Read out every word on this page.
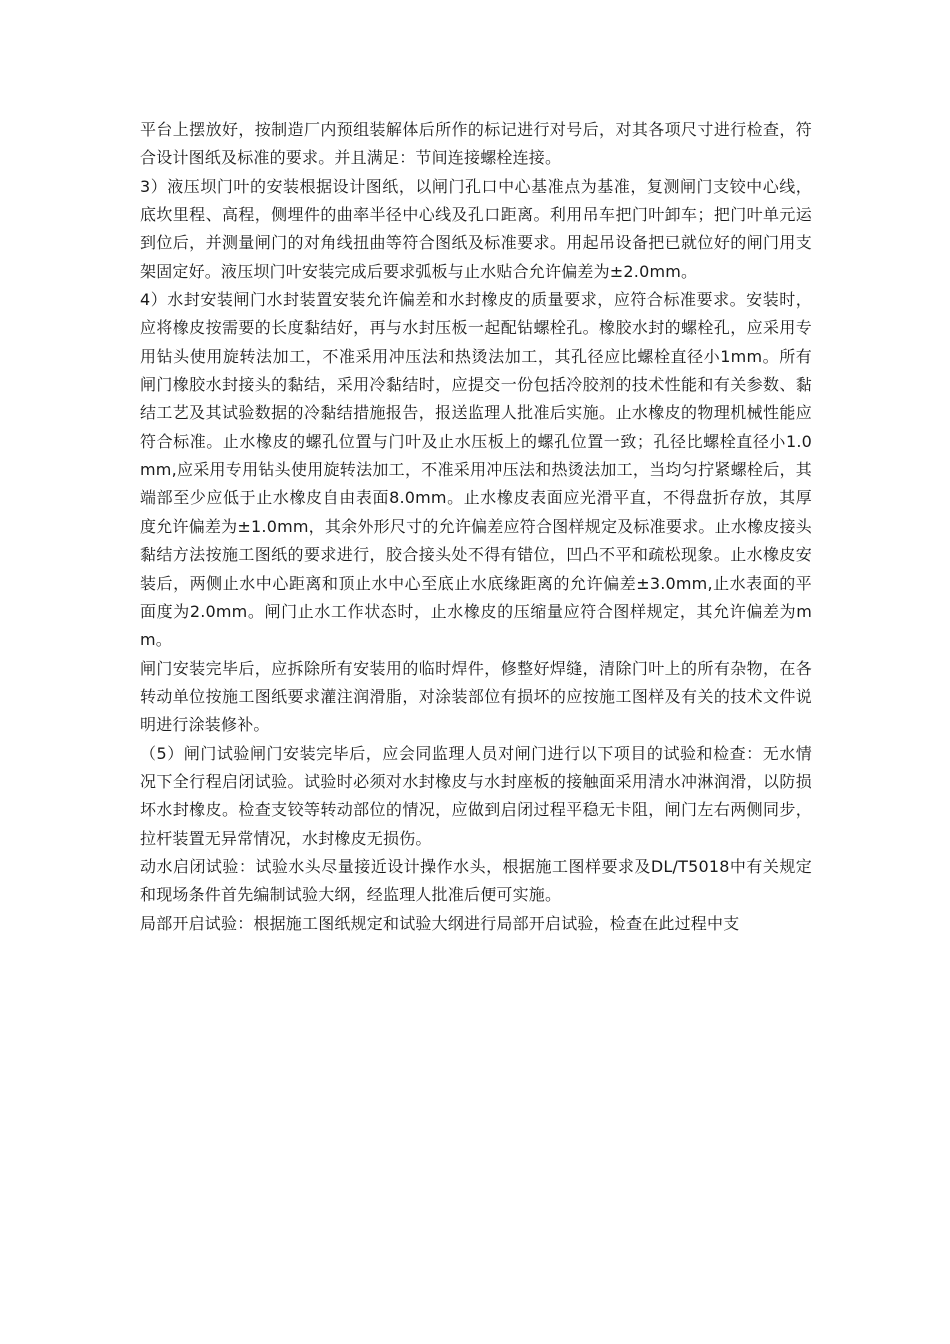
平台上摆放好，按制造厂内预组装解体后所作的标记进行对号后，对其各项尺寸进行检查，符合设计图纸及标准的要求。并且满足：节间连接螺栓连接。

3）液压坝门叶的安装根据设计图纸，以闸门孔口中心基准点为基准，复测闸门支铰中心线，底坎里程、高程，侧埋件的曲率半径中心线及孔口距离。利用吊车把门叶卸车；把门叶单元运到位后，并测量闸门的对角线扭曲等符合图纸及标准要求。用起吊设备把已就位好的闸门用支架固定好。液压坝门叶安装完成后要求弧板与止水贴合允许偏差为±2.0mm。

4）水封安装闸门水封装置安装允许偏差和水封橡皮的质量要求，应符合标准要求。安装时，应将橡皮按需要的长度黏结好，再与水封压板一起配钻螺栓孔。橡胶水封的螺栓孔，应采用专用钻头使用旋转法加工，不准采用冲压法和热烫法加工，其孔径应比螺栓直径小1mm。所有闸门橡胶水封接头的黏结，采用冷黏结时，应提交一份包括冷胶剂的技术性能和有关参数、黏结工艺及其试验数据的冷黏结措施报告，报送监理人批准后实施。止水橡皮的物理机械性能应符合标准。止水橡皮的螺孔位置与门叶及止水压板上的螺孔位置一致；孔径比螺栓直径小1.0mm,应采用专用钻头使用旋转法加工，不准采用冲压法和热烫法加工，当均匀拧紧螺栓后，其端部至少应低于止水橡皮自由表面8.0mm。止水橡皮表面应光滑平直，不得盘折存放，其厚度允许偏差为±1.0mm，其余外形尺寸的允许偏差应符合图样规定及标准要求。止水橡皮接头黏结方法按施工图纸的要求进行，胶合接头处不得有错位，凹凸不平和疏松现象。止水橡皮安装后，两侧止水中心距离和顶止水中心至底止水底缘距离的允许偏差±3.0mm,止水表面的平面度为2.0mm。闸门止水工作状态时，止水橡皮的压缩量应符合图样规定，其允许偏差为mm。

闸门安装完毕后，应拆除所有安装用的临时焊件，修整好焊缝，清除门叶上的所有杂物，在各转动单位按施工图纸要求灌注润滑脂，对涂装部位有损坏的应按施工图样及有关的技术文件说明进行涂装修补。

（5）闸门试验闸门安装完毕后，应会同监理人员对闸门进行以下项目的试验和检查：无水情况下全行程启闭试验。试验时必须对水封橡皮与水封座板的接触面采用清水冲淋润滑，以防损坏水封橡皮。检查支铰等转动部位的情况，应做到启闭过程平稳无卡阻，闸门左右两侧同步，拉杆装置无异常情况，水封橡皮无损伤。

动水启闭试验：试验水头尽量接近设计操作水头，根据施工图样要求及DL/T5018中有关规定和现场条件首先编制试验大纲，经监理人批准后便可实施。

局部开启试验：根据施工图纸规定和试验大纲进行局部开启试验，检查在此过程中支
